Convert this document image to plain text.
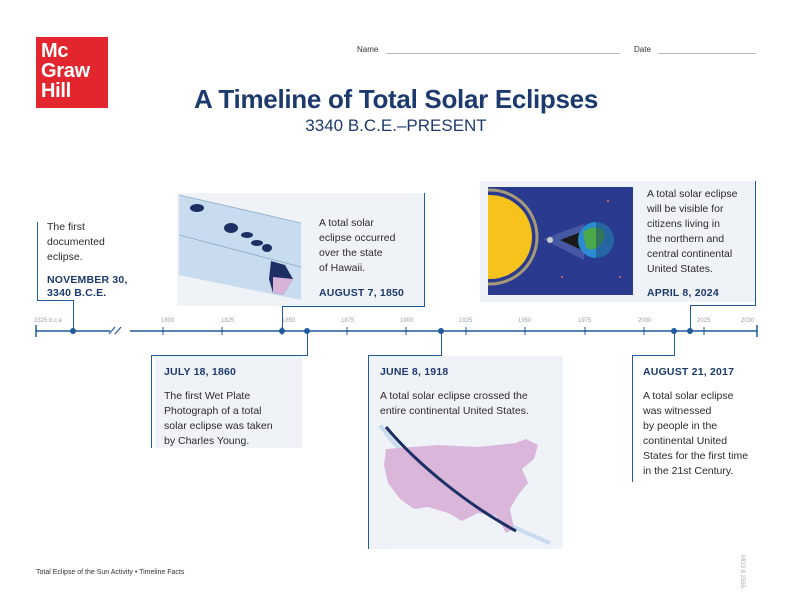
Mc
Graw
Hill
Name	Date
A Timeline of Total Solar Eclipses
3340 B.C.E.–PRESENT
3325 b.c.e	1800	1825	1850	1875	1900	1925	1950	1975	2000	2025	2030
The first
documented
eclipse.
NOVEMBER 30,
3340 B.C.E.
A total solar
eclipse occurred
over the state
of Hawaii.
AUGUST 7, 1850
JULY 18, 1860
The first Wet Plate
Photograph of a total
solar eclipse was taken
by Charles Young.
JUNE 8, 1918
A total solar eclipse crossed the
entire continental United States.
AUGUST 21, 2017
A total solar eclipse
was witnessed
by people in the
continental United
States for the first time
in the 21st Century.
A total solar eclipse
will be visible for
citizens living in
the northern and
central continental
United States.
APRIL 8, 2024
Total Eclipse of the Sun Activity • Timeline Facts	MG3 8 2555
